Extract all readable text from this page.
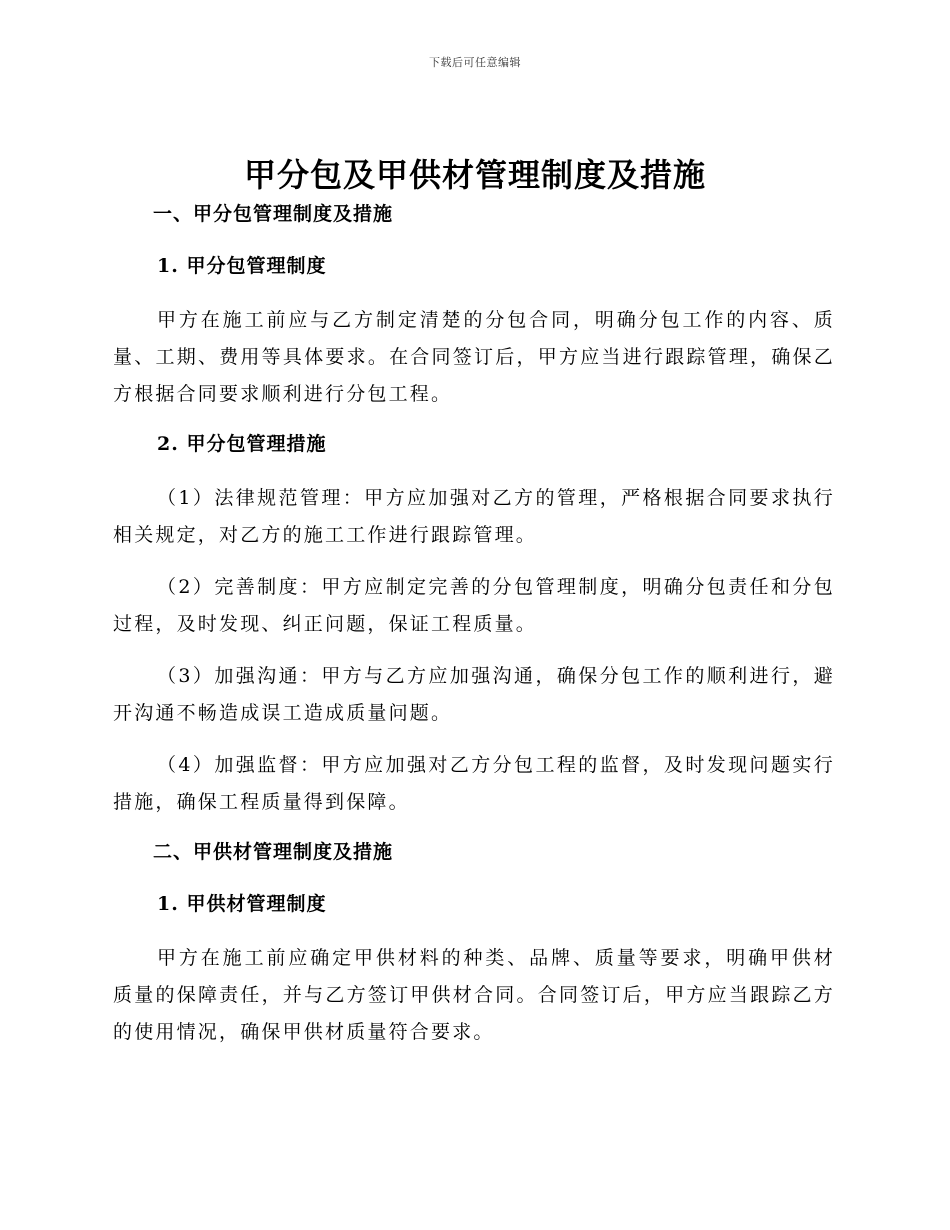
下载后可任意编辑
甲分包及甲供材管理制度及措施
一、甲分包管理制度及措施
1. 甲分包管理制度

甲方在施工前应与乙方制定清楚的分包合同，明确分包工作的内容、质量、工期、费用等具体要求。在合同签订后，甲方应当进行跟踪管理，确保乙方根据合同要求顺利进行分包工程。

2. 甲分包管理措施

（1）法律规范管理：甲方应加强对乙方的管理，严格根据合同要求执行相关规定，对乙方的施工工作进行跟踪管理。

（2）完善制度：甲方应制定完善的分包管理制度，明确分包责任和分包过程，及时发现、纠正问题，保证工程质量。

（3）加强沟通：甲方与乙方应加强沟通，确保分包工作的顺利进行，避开沟通不畅造成误工造成质量问题。

（4）加强监督：甲方应加强对乙方分包工程的监督，及时发现问题实行措施，确保工程质量得到保障。

二、甲供材管理制度及措施
1. 甲供材管理制度

甲方在施工前应确定甲供材料的种类、品牌、质量等要求，明确甲供材质量的保障责任，并与乙方签订甲供材合同。合同签订后，甲方应当跟踪乙方的使用情况，确保甲供材质量符合要求。
